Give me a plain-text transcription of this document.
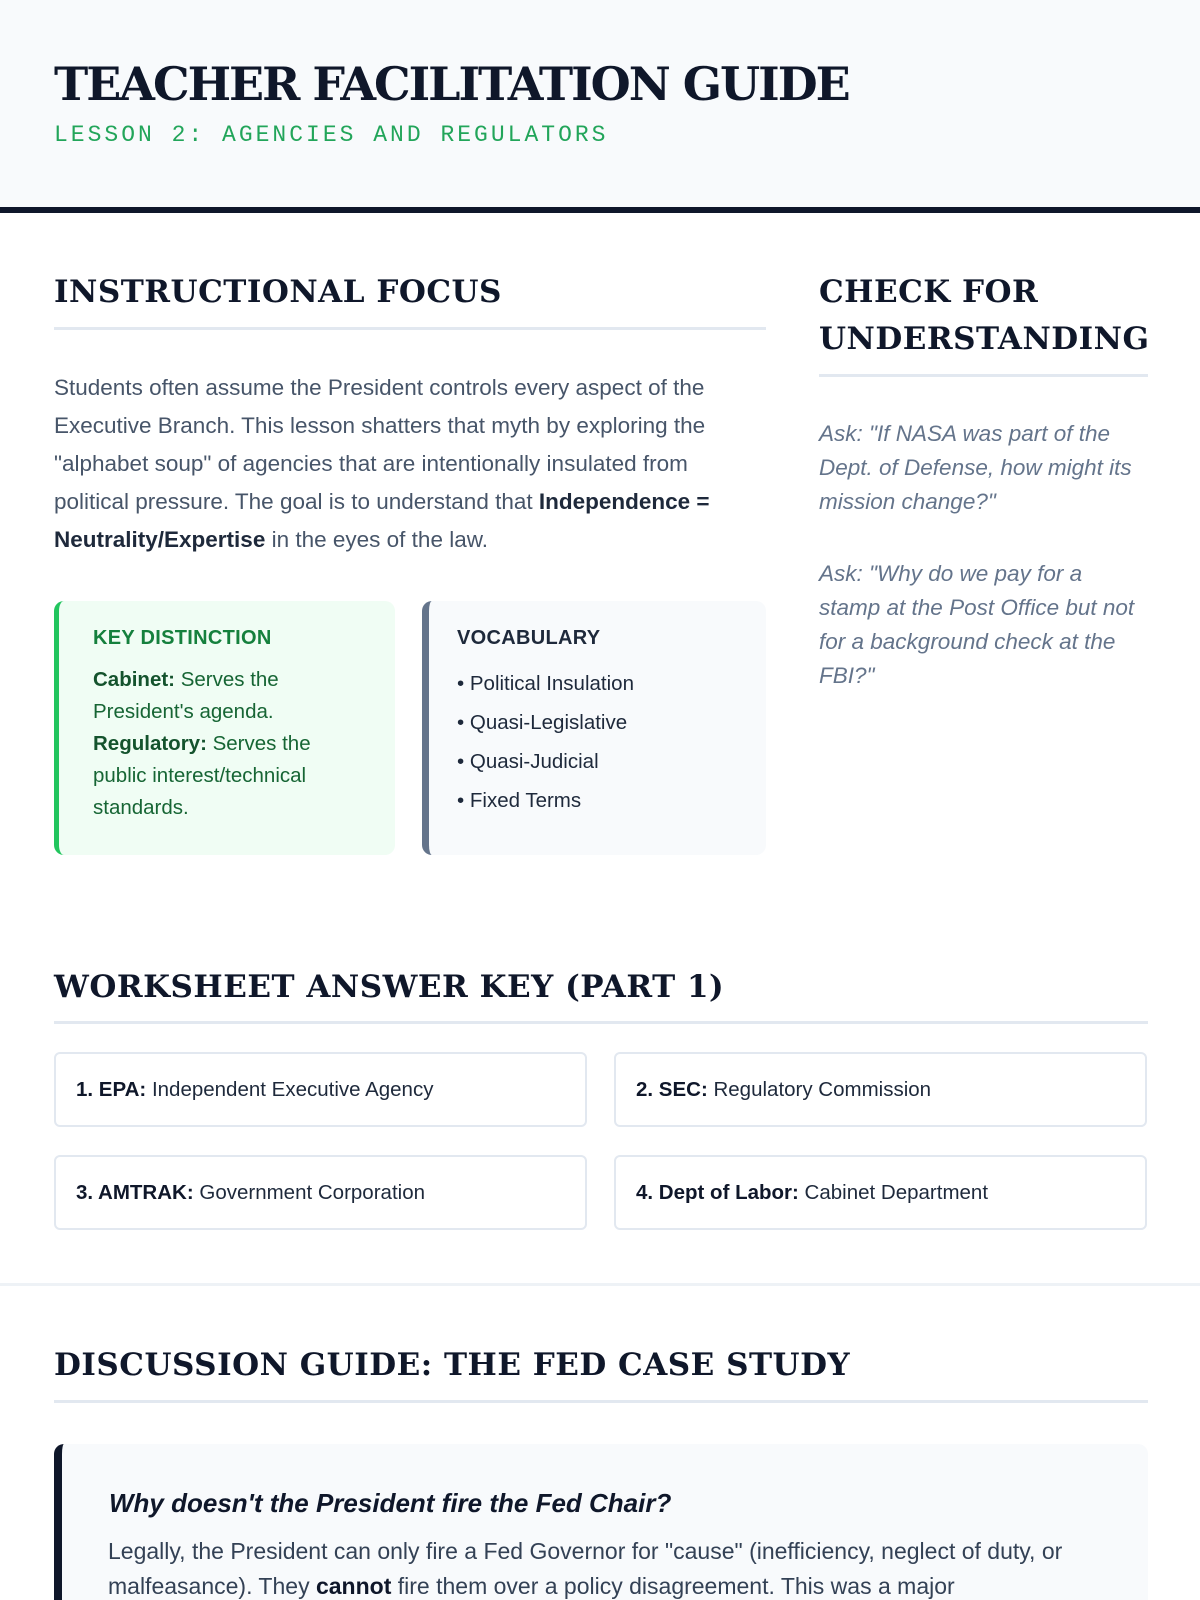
TEACHER FACILITATION GUIDE
LESSON 2: AGENCIES AND REGULATORS
INSTRUCTIONAL FOCUS

Students often assume the President controls every aspect of the Executive Branch. This lesson shatters that myth by exploring the "alphabet soup" of agencies that are intentionally insulated from political pressure. The goal is to understand that Independence = Neutrality/Expertise in the eyes of the law.

KEY DISTINCTION
Cabinet: Serves the President's agenda.
Regulatory: Serves the public interest/technical standards.
VOCABULARY
• Political Insulation
• Quasi-Legislative
• Quasi-Judicial
• Fixed Terms
CHECK FOR
UNDERSTANDING

Ask: "If NASA was part of the Dept. of Defense, how might its mission change?"

Ask: "Why do we pay for a stamp at the Post Office but not for a background check at the FBI?"

WORKSHEET ANSWER KEY (PART 1)
1. EPA: Independent Executive Agency	2. SEC: Regulatory Commission
3. AMTRAK: Government Corporation	4. Dept of Labor: Cabinet Department
DISCUSSION GUIDE: THE FED CASE STUDY
Why doesn't the President fire the Fed Chair?

Legally, the President can only fire a Fed Governor for "cause" (inefficiency, neglect of duty, or malfeasance). They cannot fire them over a policy disagreement. This was a major
